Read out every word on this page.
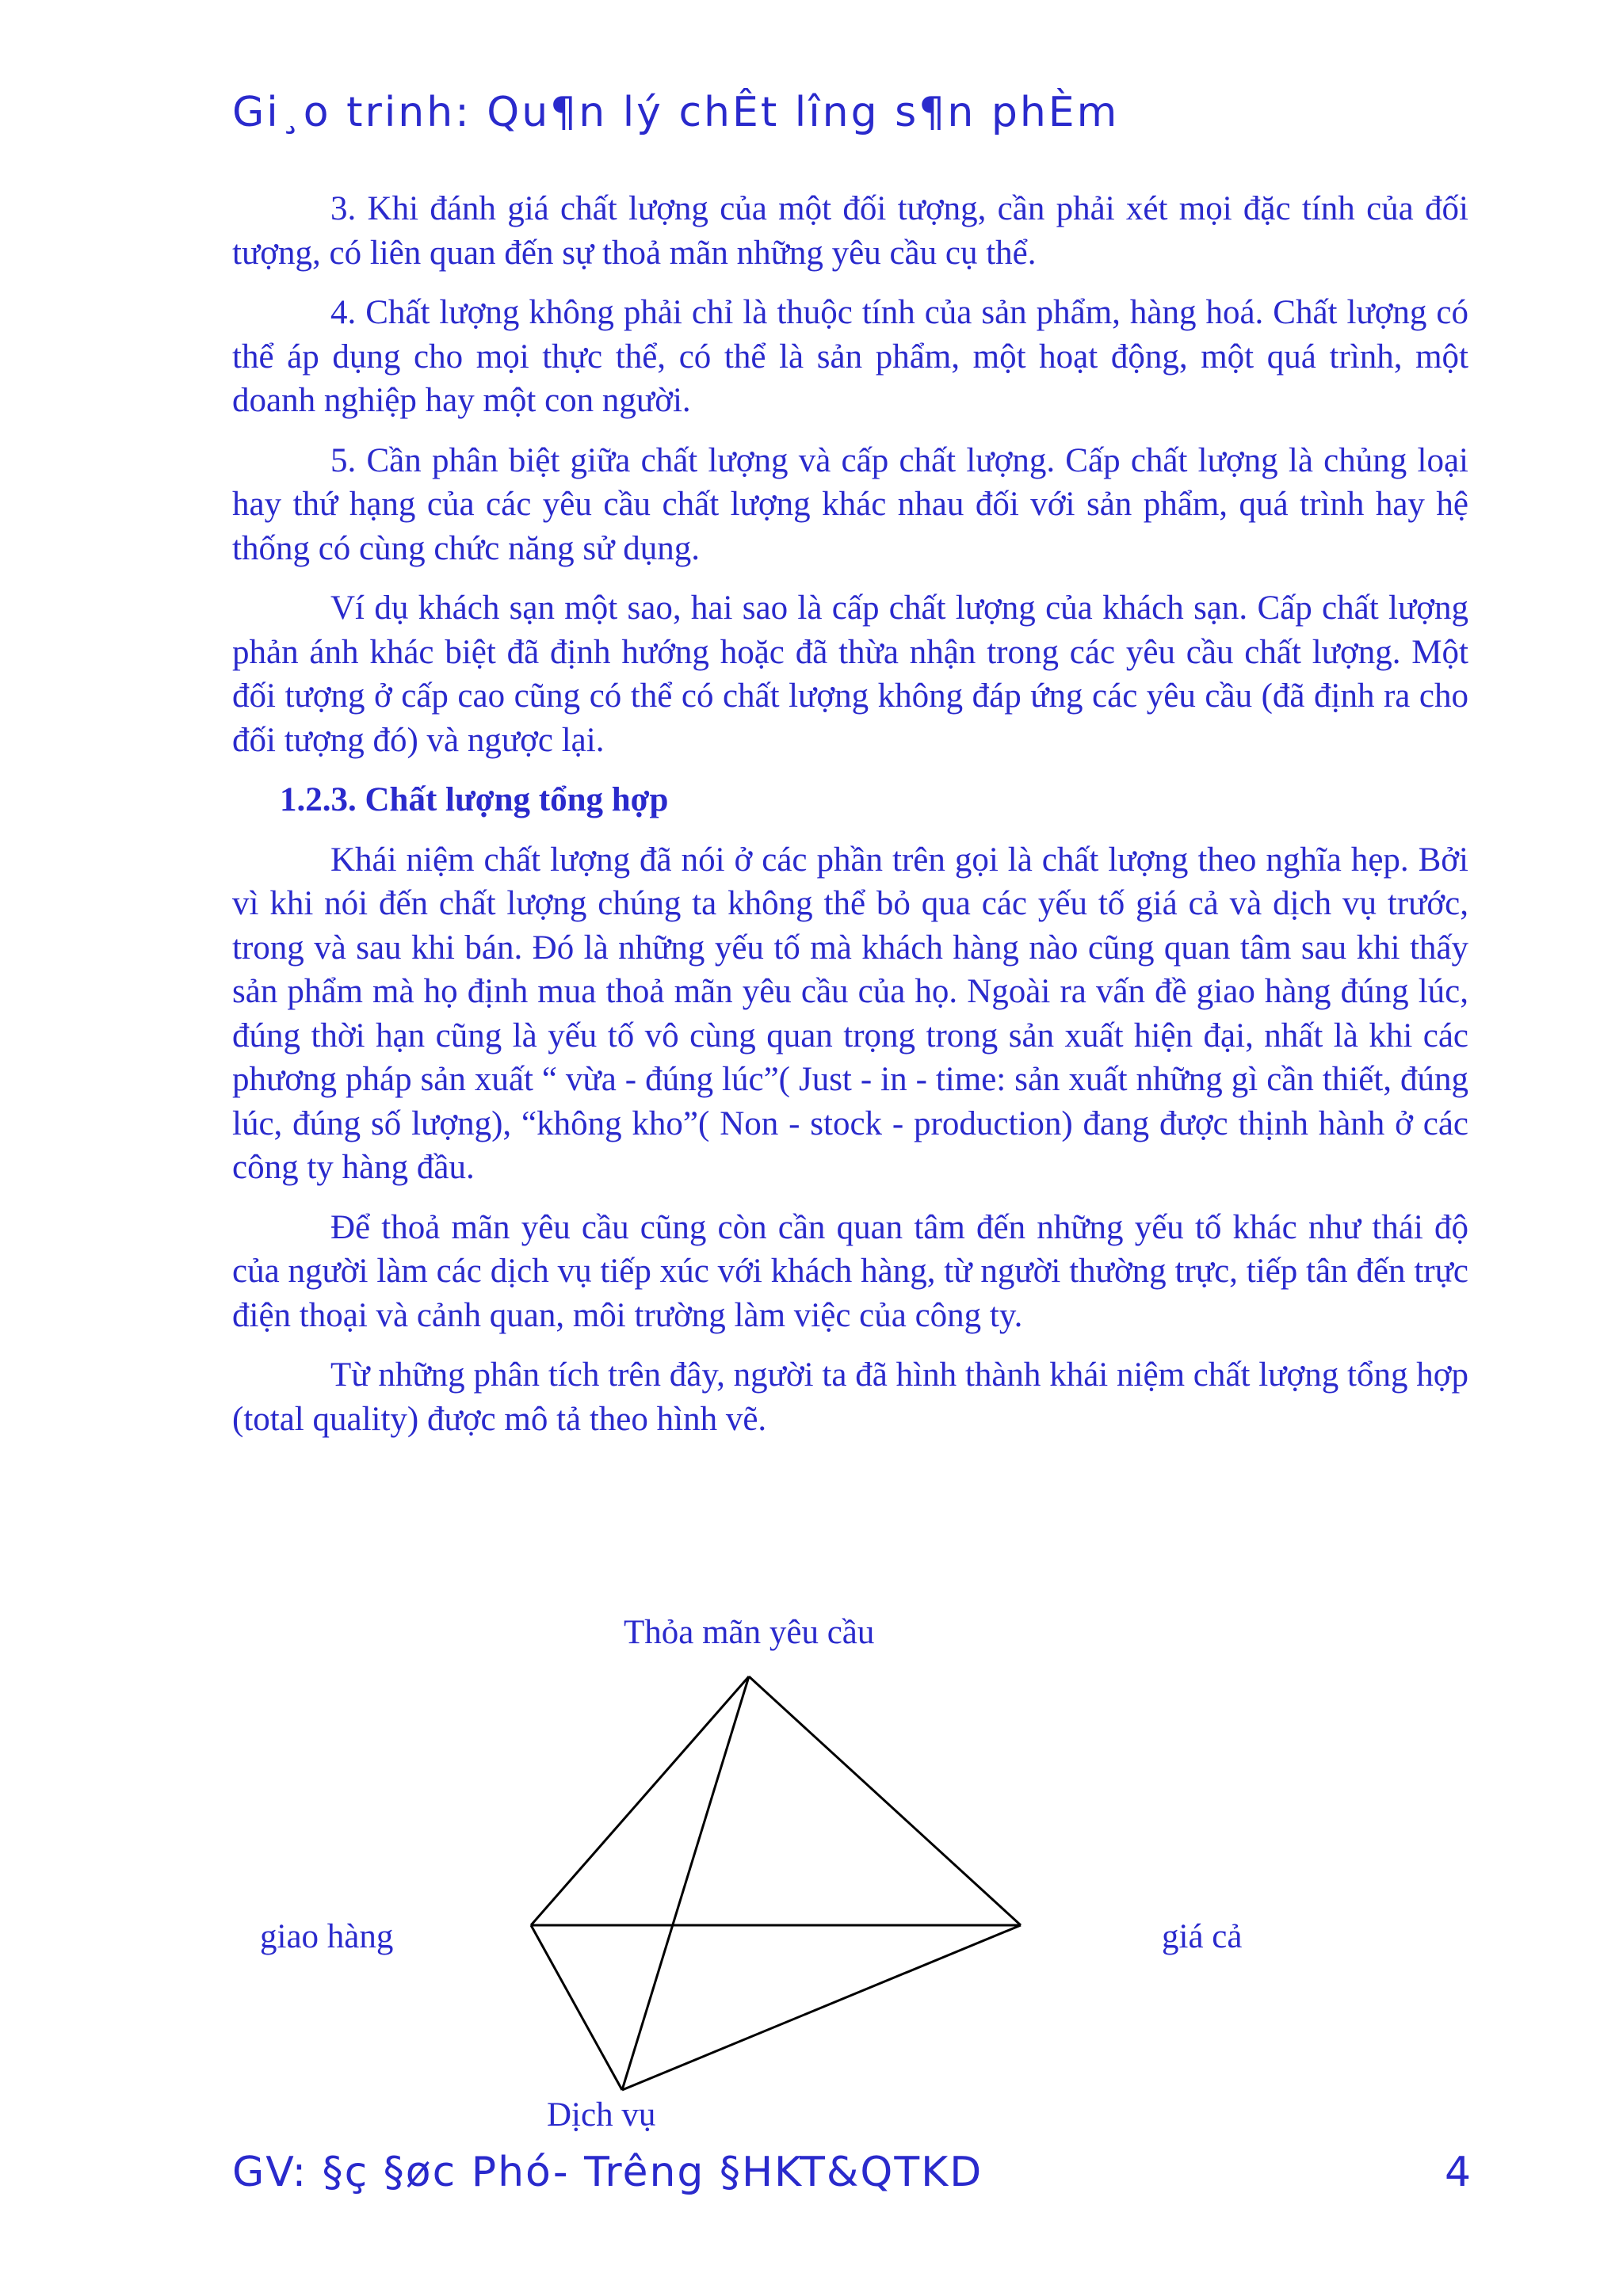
Gi¸o trinh: Qu¶n lý chÊt lîng s¶n phÈm

3. Khi đánh giá chất lượng của một đối tượng, cần phải xét mọi đặc tính của đối tượng, có liên quan đến sự thoả mãn những yêu cầu cụ thể.

4. Chất lượng không phải chỉ là thuộc tính của sản phẩm, hàng hoá. Chất lượng có thể áp dụng cho mọi thực thể, có thể là sản phẩm, một hoạt động, một quá trình, một doanh nghiệp hay một con người.

5. Cần phân biệt giữa chất lượng và cấp chất lượng. Cấp chất lượng là chủng loại hay thứ hạng của các yêu cầu chất lượng khác nhau đối với sản phẩm, quá trình hay hệ thống có cùng chức năng sử dụng.

Ví dụ khách sạn một sao, hai sao là cấp chất lượng của khách sạn. Cấp chất lượng phản ánh khác biệt đã định hướng hoặc đã thừa nhận trong các yêu cầu chất lượng. Một đối tượng ở cấp cao cũng có thể có chất lượng không đáp ứng các yêu cầu (đã định ra cho đối tượng đó) và ngược lại.

1.2.3. Chất lượng tổng hợp

Khái niệm chất lượng đã nói ở các phần trên gọi là chất lượng theo nghĩa hẹp. Bởi vì khi nói đến chất lượng chúng ta không thể bỏ qua các yếu tố giá cả và dịch vụ trước, trong và sau khi bán. Đó là những yếu tố mà khách hàng nào cũng quan tâm sau khi thấy sản phẩm mà họ định mua thoả mãn yêu cầu của họ. Ngoài ra vấn đề giao hàng đúng lúc, đúng thời hạn cũng là yếu tố vô cùng quan trọng trong sản xuất hiện đại, nhất là khi các phương pháp sản xuất “ vừa - đúng lúc”( Just - in - time: sản xuất những gì cần thiết, đúng lúc, đúng số lượng), “không kho”( Non - stock - production) đang được thịnh hành ở các công ty hàng đầu.

Để thoả mãn yêu cầu cũng còn cần quan tâm đến những yếu tố khác như thái độ của người làm các dịch vụ tiếp xúc với khách hàng, từ người thường trực, tiếp tân đến trực điện thoại và cảnh quan, môi trường làm việc của công ty.

Từ những phân tích trên đây, người ta đã hình thành khái niệm chất lượng tổng hợp (total quality) được mô tả theo hình vẽ.

Thỏa mãn yêu cầu
giao hàng	giá cả
Dịch vụ
GV: §ç §øc Phó- Trêng §HKT&QTKD	4
